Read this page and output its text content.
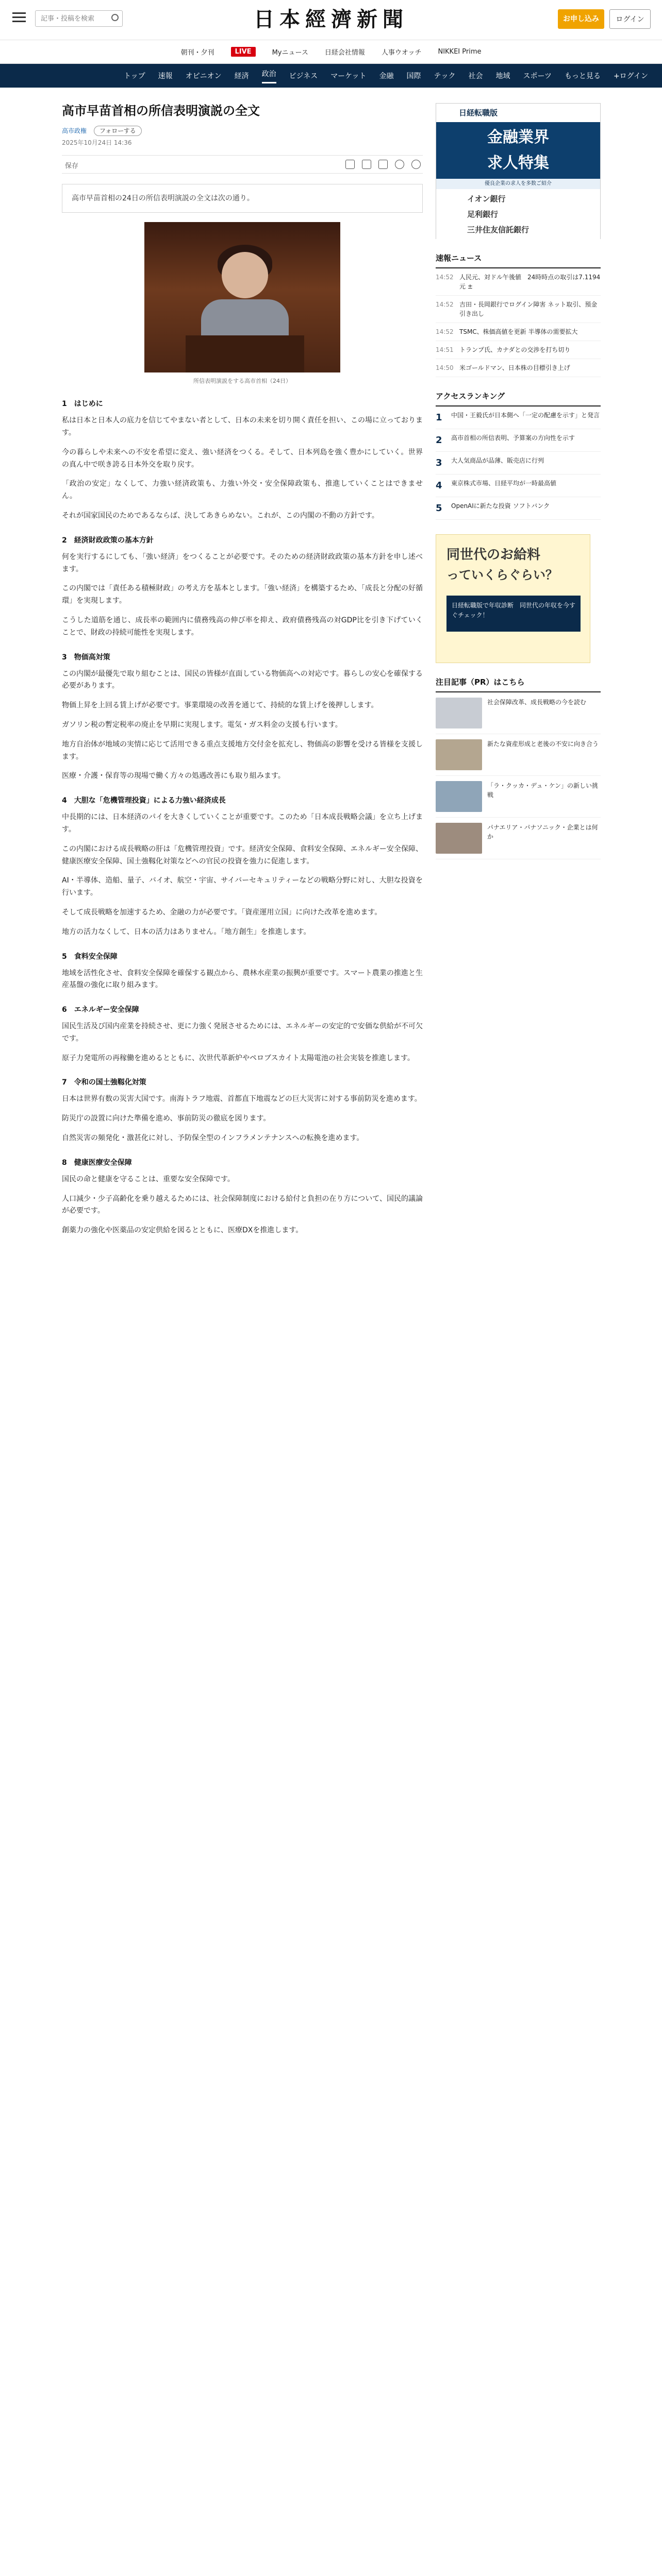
記事・投稿を検索
日本經濟新聞	お申し込み	ログイン
朝刊・夕刊	LIVE	Myニュース 日経会社情報 人事ウオッチ NIKKEI Prime
トップ 速報 オピニオン 経済 政治 ビジネス マーケット 金融 国際 テック 社会 地域 スポーツ もっと見る +ログイン
高市早苗首相の所信表明演説の全文
高市政権 フォローする
2025年10月24日 14:36
保存
高市早苗首相の24日の所信表明演説の全文は次の通り。
所信表明演説をする高市首相（24日）
1　はじめに

私は日本と日本人の底力を信じてやまない者として、日本の未来を切り開く責任を担い、この場に立っております。

今の暮らしや未来への不安を希望に変え、強い経済をつくる。そして、日本列島を強く豊かにしていく。世界の真ん中で咲き誇る日本外交を取り戻す。

「政治の安定」なくして、力強い経済政策も、力強い外交・安全保障政策も、推進していくことはできません。

それが国家国民のためであるならば、決してあきらめない。これが、この内閣の不動の方針です。

2　経済財政政策の基本方針

何を実行するにしても、「強い経済」をつくることが必要です。そのための経済財政政策の基本方針を申し述べます。

この内閣では「責任ある積極財政」の考え方を基本とします。「強い経済」を構築するため、「成長と分配の好循環」を実現します。

こうした道筋を通じ、成長率の範囲内に債務残高の伸び率を抑え、政府債務残高の対GDP比を引き下げていくことで、財政の持続可能性を実現します。

3　物価高対策

この内閣が最優先で取り組むことは、国民の皆様が直面している物価高への対応です。暮らしの安心を確保する必要があります。

物価上昇を上回る賃上げが必要です。事業環境の改善を通じて、持続的な賃上げを後押しします。

ガソリン税の暫定税率の廃止を早期に実現します。電気・ガス料金の支援も行います。

地方自治体が地域の実情に応じて活用できる重点支援地方交付金を拡充し、物価高の影響を受ける皆様を支援します。

医療・介護・保育等の現場で働く方々の処遇改善にも取り組みます。

4　大胆な「危機管理投資」による力強い経済成長

中長期的には、日本経済のパイを大きくしていくことが重要です。このため「日本成長戦略会議」を立ち上げます。

この内閣における成長戦略の肝は「危機管理投資」です。経済安全保障、食料安全保障、エネルギー安全保障、健康医療安全保障、国土強靱化対策などへの官民の投資を強力に促進します。

AI・半導体、造船、量子、バイオ、航空・宇宙、サイバーセキュリティーなどの戦略分野に対し、大胆な投資を行います。

そして成長戦略を加速するため、金融の力が必要です。「資産運用立国」に向けた改革を進めます。

地方の活力なくして、日本の活力はありません。「地方創生」を推進します。

5　食料安全保障

地域を活性化させ、食料安全保障を確保する観点から、農林水産業の振興が重要です。スマート農業の推進と生産基盤の強化に取り組みます。

6　エネルギー安全保障

国民生活及び国内産業を持続させ、更に力強く発展させるためには、エネルギーの安定的で安価な供給が不可欠です。

原子力発電所の再稼働を進めるとともに、次世代革新炉やペロブスカイト太陽電池の社会実装を推進します。

7　令和の国土強靱化対策

日本は世界有数の災害大国です。南海トラフ地震、首都直下地震などの巨大災害に対する事前防災を進めます。

防災庁の設置に向けた準備を進め、事前防災の徹底を図ります。

自然災害の頻発化・激甚化に対し、予防保全型のインフラメンテナンスへの転換を進めます。

8　健康医療安全保障

国民の命と健康を守ることは、重要な安全保障です。

人口減少・少子高齢化を乗り越えるためには、社会保障制度における給付と負担の在り方について、国民的議論が必要です。

創薬力の強化や医薬品の安定供給を図るとともに、医療DXを推進します。

日経転職版
金融業界
求人特集
優良企業の求人を多数ご紹介
イオン銀行
足利銀行
三井住友信託銀行
速報ニュース
14:52 人民元、対ドル午後値　24時時点の取引は7.1194元 ±
14:52 吉田・長岡銀行でログイン障害 ネット取引、預金引き出し
14:52 TSMC、株価高値を更新 半導体の需要拡大
14:51 トランプ氏、カナダとの交渉を打ち切り
14:50 米ゴールドマン、日本株の目標引き上げ
アクセスランキング
1	中国・王毅氏が日本側へ「一定の配慮を示す」と発言
2	高市首相の所信表明、予算案の方向性を示す
3	大人気商品が品薄、販売店に行列
4	東京株式市場、日経平均が一時最高値
5	OpenAIに新たな投資 ソフトバンク
同世代のお給料
っていくらぐらい？
日経転職版で年収診断　同世代の年収を今すぐチェック！
注目記事（PR）はこちら
社会保障改革、成長戦略の今を読む
新たな資産形成と老後の不安に向き合う
「ラ・クッカ・デュ・ケン」の新しい挑戦
パナエリア・パナソニック・企業とは何か
